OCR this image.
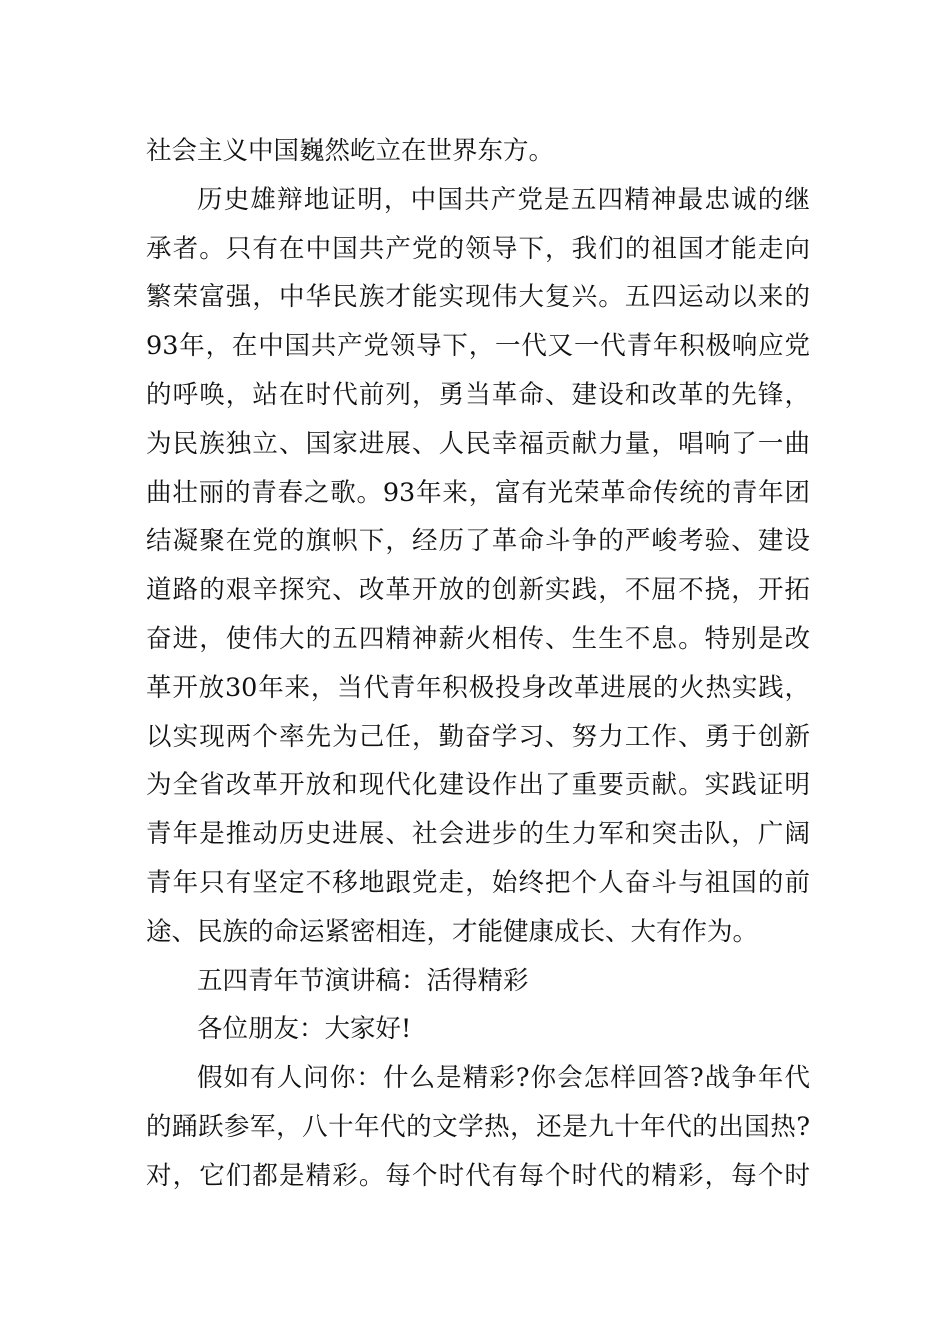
社会主义中国巍然屹立在世界东方。
历史雄辩地证明，中国共产党是五四精神最忠诚的继
承者。只有在中国共产党的领导下，我们的祖国才能走向
繁荣富强，中华民族才能实现伟大复兴。五四运动以来的
93年，在中国共产党领导下，一代又一代青年积极响应党
的呼唤，站在时代前列，勇当革命、建设和改革的先锋，
为民族独立、国家进展、人民幸福贡献力量，唱响了一曲
曲壮丽的青春之歌。93年来，富有光荣革命传统的青年团
结凝聚在党的旗帜下，经历了革命斗争的严峻考验、建设
道路的艰辛探究、改革开放的创新实践，不屈不挠，开拓
奋进，使伟大的五四精神薪火相传、生生不息。特别是改
革开放30年来，当代青年积极投身改革进展的火热实践，
以实现两个率先为己任，勤奋学习、努力工作、勇于创新
为全省改革开放和现代化建设作出了重要贡献。实践证明
青年是推动历史进展、社会进步的生力军和突击队，广阔
青年只有坚定不移地跟党走，始终把个人奋斗与祖国的前
途、民族的命运紧密相连，才能健康成长、大有作为。
五四青年节演讲稿：活得精彩
各位朋友：大家好!
假如有人问你：什么是精彩?你会怎样回答?战争年代
的踊跃参军，八十年代的文学热，还是九十年代的出国热?
对，它们都是精彩。每个时代有每个时代的精彩，每个时
